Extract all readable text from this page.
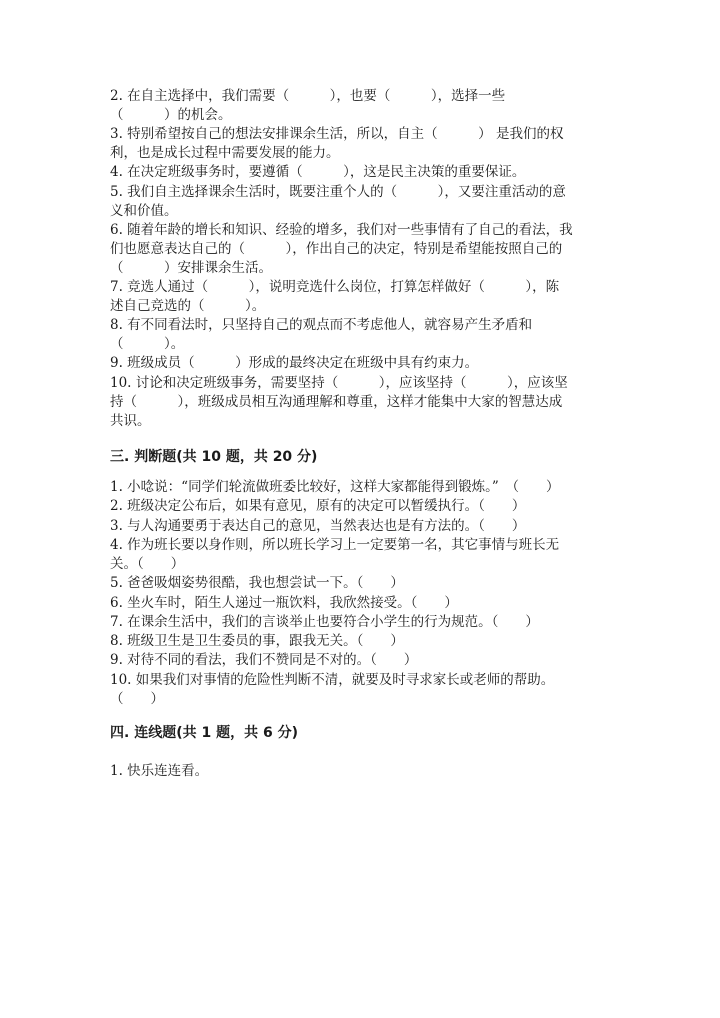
2. 在自主选择中，我们需要（　　　），也要（　　　），选择一些
（　　　）的机会。
3. 特别希望按自己的想法安排课余生活，所以，自主（　　　） 是我们的权
利，也是成长过程中需要发展的能力。
4. 在决定班级事务时，要遵循（　　　），这是民主决策的重要保证。
5. 我们自主选择课余生活时，既要注重个人的（　　　），又要注重活动的意
义和价值。
6. 随着年龄的增长和知识、经验的增多，我们对一些事情有了自己的看法，我
们也愿意表达自己的（　　　），作出自己的决定，特别是希望能按照自己的
（　　　）安排课余生活。
7. 竞选人通过（　　　），说明竞选什么岗位，打算怎样做好（　　　），陈
述自己竞选的（　　　）。
8. 有不同看法时，只坚持自己的观点而不考虑他人，就容易产生矛盾和
（　　　）。
9. 班级成员（　　　）形成的最终决定在班级中具有约束力。
10. 讨论和决定班级事务，需要坚持（　　　），应该坚持（　　　），应该坚
持（　　　），班级成员相互沟通理解和尊重，这样才能集中大家的智慧达成
共识。
三. 判断题(共 10 题，共 20 分)
1. 小唸说：“同学们轮流做班委比较好，这样大家都能得到锻炼。”　（　　）
2. 班级决定公布后，如果有意见，原有的决定可以暂缓执行。（　　）
3. 与人沟通要勇于表达自己的意见，当然表达也是有方法的。（　　）
4. 作为班长要以身作则，所以班长学习上一定要第一名，其它事情与班长无
关。（　　）
5. 爸爸吸烟姿势很酷，我也想尝试一下。（　　）
6. 坐火车时，陌生人递过一瓶饮料，我欣然接受。（　　）
7. 在课余生活中，我们的言谈举止也要符合小学生的行为规范。（　　）
8. 班级卫生是卫生委员的事，跟我无关。（　　）
9. 对待不同的看法，我们不赞同是不对的。（　　）
10. 如果我们对事情的危险性判断不清，就要及时寻求家长或老师的帮助。
（　　）
四. 连线题(共 1 题，共 6 分)
1. 快乐连连看。
